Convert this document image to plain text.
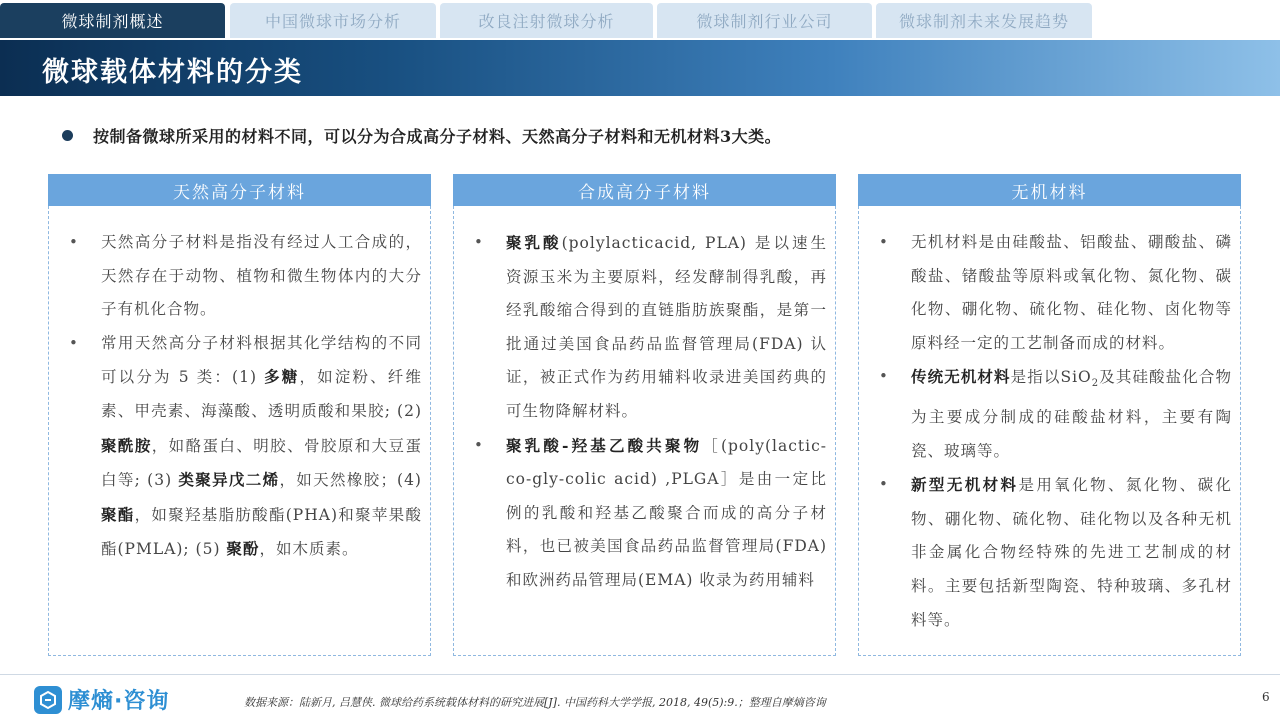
微球制剂概述	中国微球市场分析	改良注射微球分析	微球制剂行业公司	微球制剂未来发展趋势
微球载体材料的分类
按制备微球所采用的材料不同，可以分为合成高分子材料、天然高分子材料和无机材料3大类。
天然高分子材料
• 天然高分子材料是指没有经过人工合成的，天然存在于动物、植物和微生物体内的大分子有机化合物。
• 常用天然高分子材料根据其化学结构的不同可以分为 5 类：(1) 多糖，如淀粉、纤维素、甲壳素、海藻酸、透明质酸和果胶; (2) 聚酰胺，如酪蛋白、明胶、骨胶原和大豆蛋白等; (3) 类聚异戊二烯，如天然橡胶；(4) 聚酯，如聚羟基脂肪酸酯(PHA)和聚苹果酸酯(PMLA); (5) 聚酚，如木质素。
合成高分子材料
• 聚乳酸(polylacticacid, PLA) 是以速生资源玉米为主要原料，经发酵制得乳酸，再经乳酸缩合得到的直链脂肪族聚酯，是第一批通过美国食品药品监督管理局(FDA) 认证，被正式作为药用辅料收录进美国药典的可生物降解材料。
• 聚乳酸-羟基乙酸共聚物［(poly(lactic-co-gly-colic acid) ,PLGA］是由一定比例的乳酸和羟基乙酸聚合而成的高分子材料，也已被美国食品药品监督管理局(FDA) 和欧洲药品管理局(EMA) 收录为药用辅料
无机材料
• 无机材料是由硅酸盐、铝酸盐、硼酸盐、磷酸盐、锗酸盐等原料或氧化物、氮化物、碳化物、硼化物、硫化物、硅化物、卤化物等原料经一定的工艺制备而成的材料。
• 传统无机材料是指以SiO$_2$及其硅酸盐化合物为主要成分制成的硅酸盐材料，主要有陶瓷、玻璃等。
• 新型无机材料是用氧化物、氮化物、碳化物、硼化物、硫化物、硅化物以及各种无机非金属化合物经特殊的先进工艺制成的材料。主要包括新型陶瓷、特种玻璃、多孔材料等。
摩熵·咨询	数据来源：陆新月, 吕慧侠. 微球给药系统载体材料的研究进展[J]. 中国药科大学学报, 2018, 49(5):9.；整理自摩熵咨询	6
